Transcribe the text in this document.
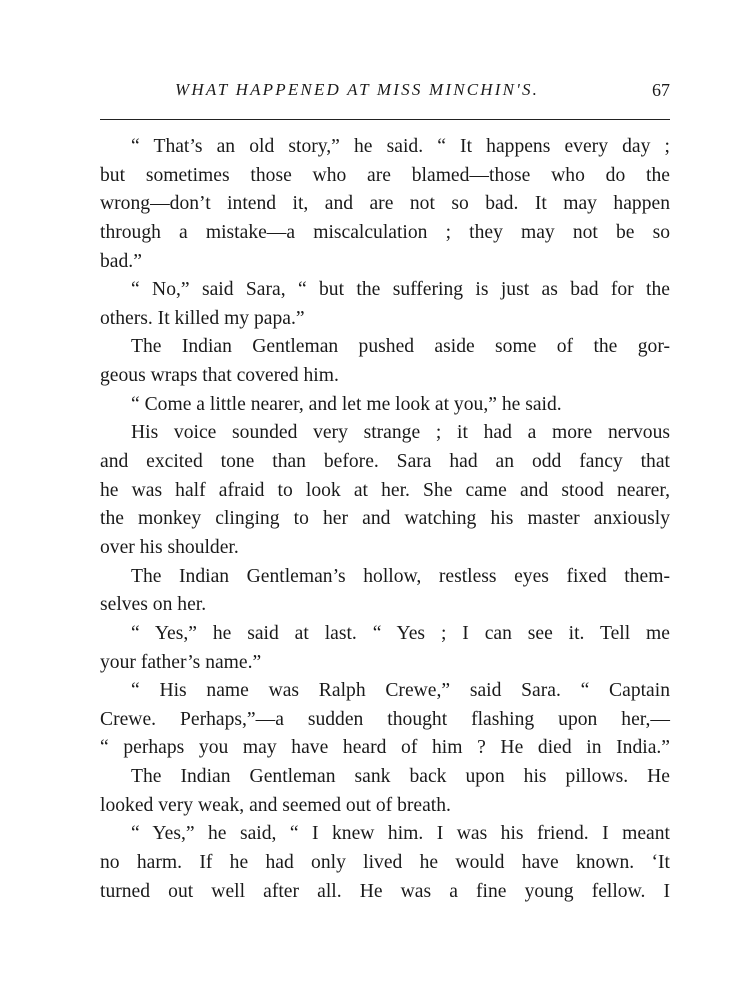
WHAT HAPPENED AT MISS MINCHIN'S.	67
“ That’s an old story,” he said. “ It happens every day ;
but sometimes those who are blamed—those who do the
wrong—don’t intend it, and are not so bad. It may happen
through a mistake—a miscalculation ; they may not be so
bad.”
“ No,” said Sara, “ but the suffering is just as bad for the
others. It killed my papa.”
The Indian Gentleman pushed aside some of the gor-
geous wraps that covered him.
“ Come a little nearer, and let me look at you,” he said.
His voice sounded very strange ; it had a more nervous
and excited tone than before. Sara had an odd fancy that
he was half afraid to look at her. She came and stood nearer,
the monkey clinging to her and watching his master anxiously
over his shoulder.
The Indian Gentleman’s hollow, restless eyes fixed them-
selves on her.
“ Yes,” he said at last. “ Yes ; I can see it. Tell me
your father’s name.”
“ His name was Ralph Crewe,” said Sara. “ Captain
Crewe. Perhaps,”—a sudden thought flashing upon her,—
“ perhaps you may have heard of him ? He died in India.”
The Indian Gentleman sank back upon his pillows. He
looked very weak, and seemed out of breath.
“ Yes,” he said, “ I knew him. I was his friend. I meant
no harm. If he had only lived he would have known. ‘It
turned out well after all. He was a fine young fellow. I
